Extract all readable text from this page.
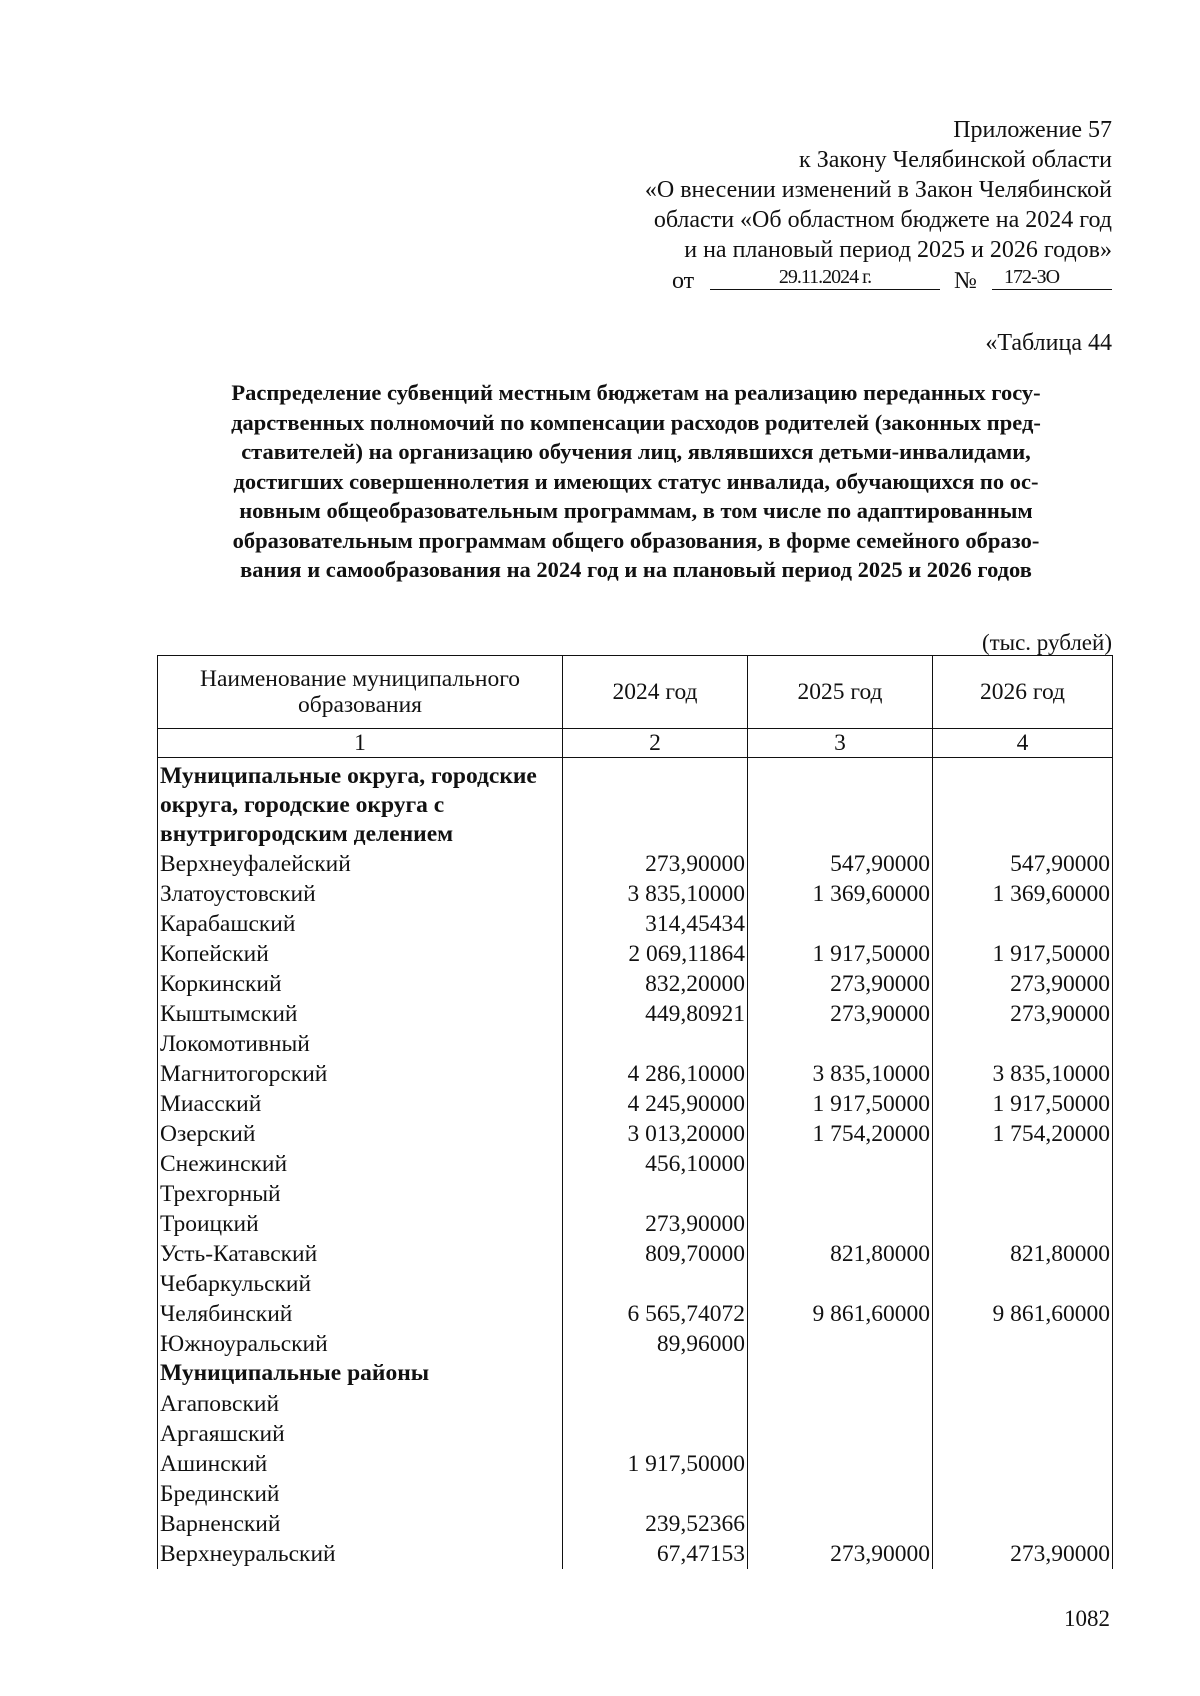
Приложение 57
к Закону Челябинской области
«О внесении изменений в Закон Челябинской
области «Об областном бюджете на 2024 год
и на плановый период 2025 и 2026 годов»
от	29.11.2024 г.	№	172-ЗО
«Таблица 44
Распределение субвенций местным бюджетам на реализацию переданных госу-
дарственных полномочий по компенсации расходов родителей (законных пред-
ставителей) на организацию обучения лиц, являвшихся детьми-инвалидами,
достигших совершеннолетия и имеющих статус инвалида, обучающихся по ос-
новным общеобразовательным программам, в том числе по адаптированным
образовательным программам общего образования, в форме семейного образо-
вания и самообразования на 2024 год и на плановый период 2025 и 2026 годов
(тыс. рублей)
Наименование муниципального образования	2024 год	2025 год	2026 год
1	2	3	4

Муниципальные округа, городские округа, городские округа с внутригородским делением			
Верхнеуфалейский	273,90000	547,90000	547,90000
Златоустовский	3 835,10000	1 369,60000	1 369,60000
Карабашский	314,45434		
Копейский	2 069,11864	1 917,50000	1 917,50000
Коркинский	832,20000	273,90000	273,90000
Кыштымский	449,80921	273,90000	273,90000
Локомотивный			
Магнитогорский	4 286,10000	3 835,10000	3 835,10000
Миасский	4 245,90000	1 917,50000	1 917,50000
Озерский	3 013,20000	1 754,20000	1 754,20000
Снежинский	456,10000		
Трехгорный			
Троицкий	273,90000		
Усть-Катавский	809,70000	821,80000	821,80000
Чебаркульский			
Челябинский	6 565,74072	9 861,60000	9 861,60000
Южноуральский	89,96000		
Муниципальные районы			
Агаповский			
Аргаяшский			
Ашинский	1 917,50000		
Брединский			
Варненский	239,52366		
Верхнеуральский	67,47153	273,90000	273,90000
1082
